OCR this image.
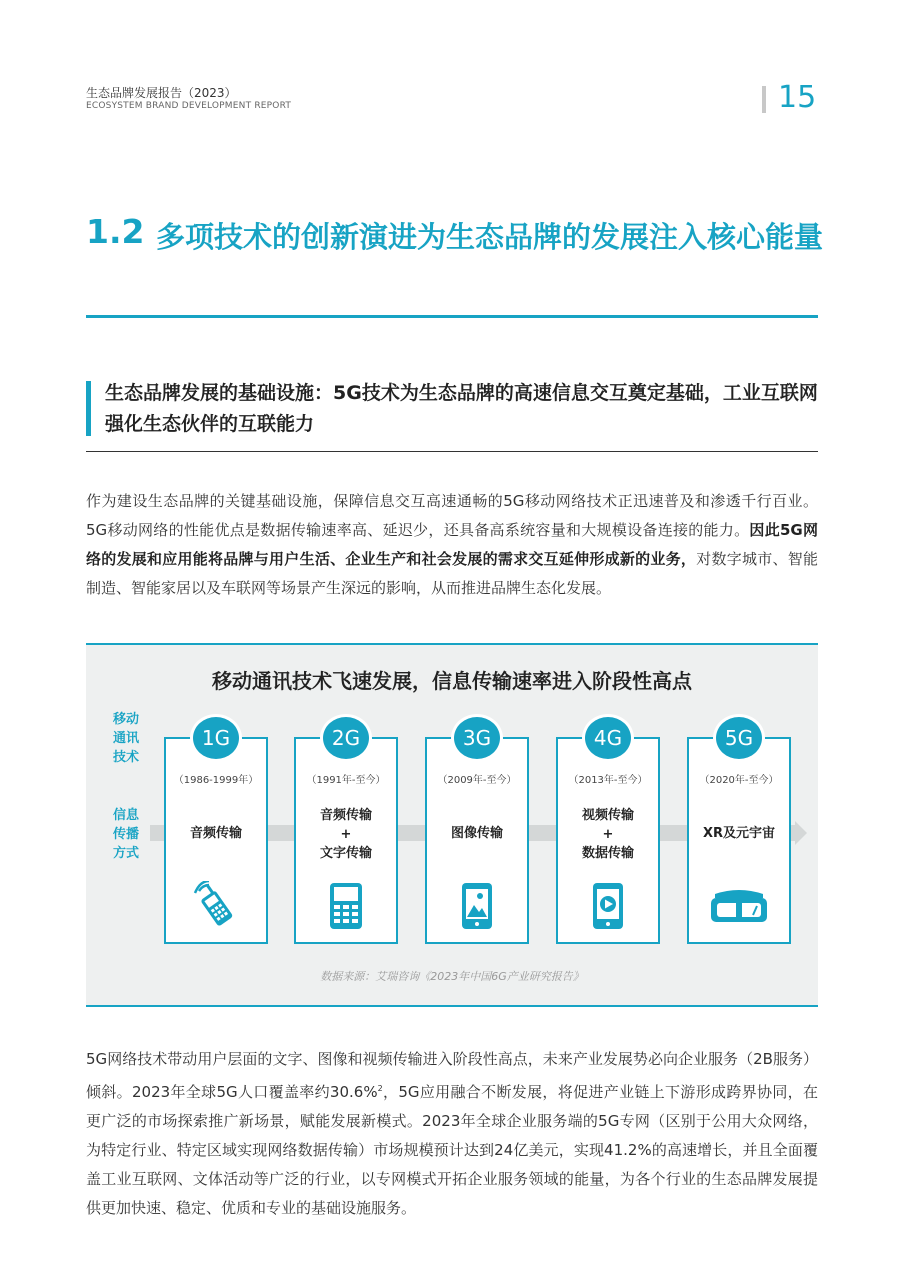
生态品牌发展报告（2023）
ECOSYSTEM BRAND DEVELOPMENT REPORT	15
1.2 多项技术的创新演进为生态品牌的发展注入核心能量
生态品牌发展的基础设施：5G技术为生态品牌的高速信息交互奠定基础，工业互联网强化生态伙伴的互联能力
作为建设生态品牌的关键基础设施，保障信息交互高速通畅的5G移动网络技术正迅速普及和渗透千行百业。5G移动网络的性能优点是数据传输速率高、延迟少，还具备高系统容量和大规模设备连接的能力。因此5G网络的发展和应用能将品牌与用户生活、企业生产和社会发展的需求交互延伸形成新的业务，对数字城市、智能制造、智能家居以及车联网等场景产生深远的影响，从而推进品牌生态化发展。
移动通讯技术飞速发展，信息传输速率进入阶段性高点
移动通讯技术
信息传播方式
1G
（1986-1999年）
音频传输
2G
（1991年-至今）
音频传输
+
文字传输
3G
（2009年-至今）
图像传输
4G
（2013年-至今）
视频传输
+
数据传输
5G
（2020年-至今）
XR及元宇宙
数据来源：艾瑞咨询《2023年中国6G产业研究报告》
5G网络技术带动用户层面的文字、图像和视频传输进入阶段性高点，未来产业发展势必向企业服务（2B服务）倾斜。2023年全球5G人口覆盖率约30.6%$^2$，5G应用融合不断发展，将促进产业链上下游形成跨界协同，在更广泛的市场探索推广新场景，赋能发展新模式。2023年全球企业服务端的5G专网（区别于公用大众网络，为特定行业、特定区域实现网络数据传输）市场规模预计达到24亿美元，实现41.2%的高速增长，并且全面覆盖工业互联网、文体活动等广泛的行业，以专网模式开拓企业服务领域的能量，为各个行业的生态品牌发展提供更加快速、稳定、优质和专业的基础设施服务。
